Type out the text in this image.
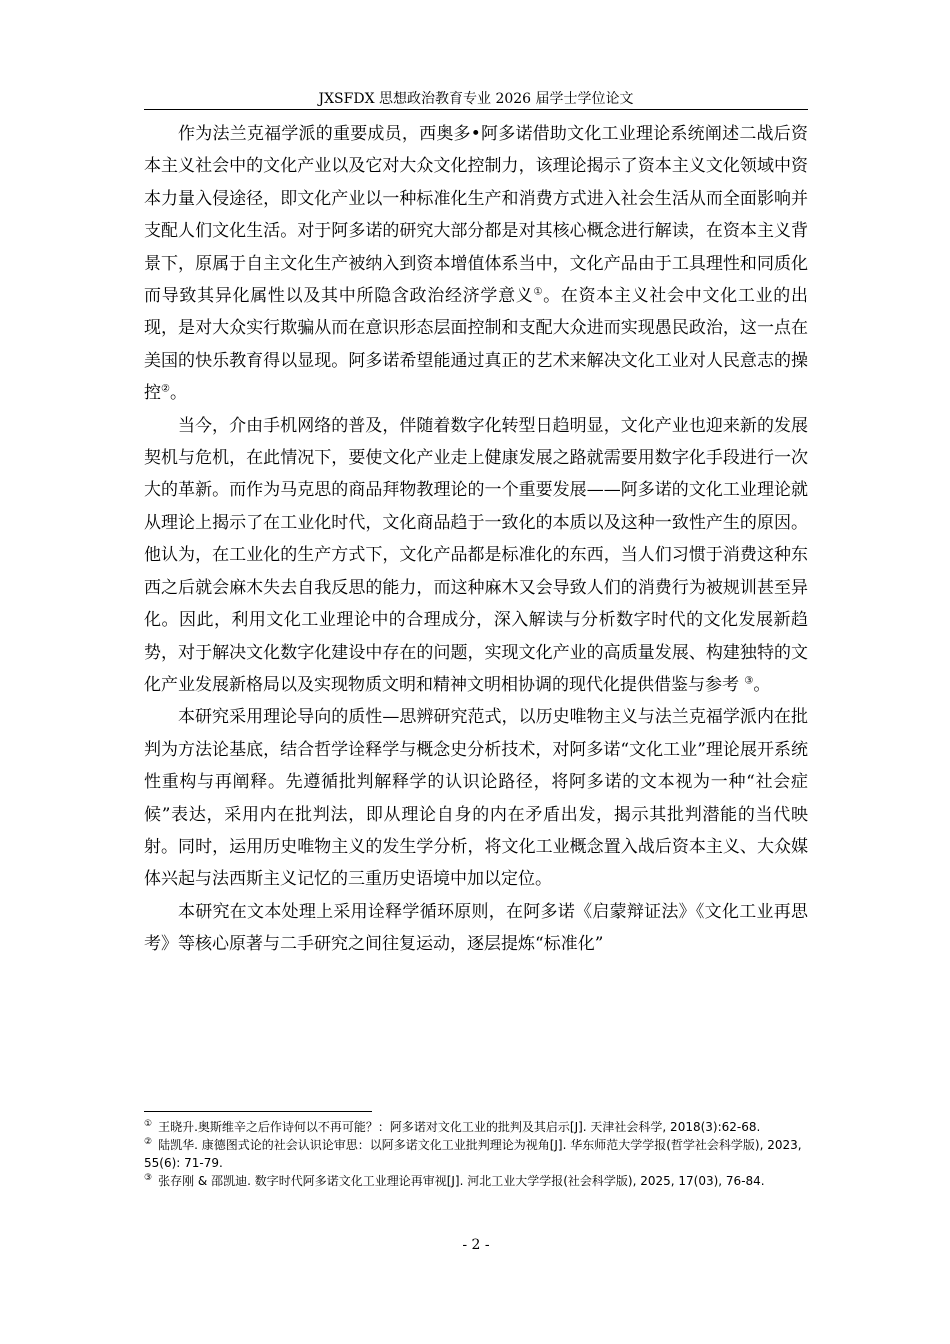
JXSFDX 思想政治教育专业 2026 届学士学位论文

作为法兰克福学派的重要成员，西奥多•阿多诺借助文化工业理论系统阐述二战后资本主义社会中的文化产业以及它对大众文化控制力，该理论揭示了资本主义文化领域中资本力量入侵途径，即文化产业以一种标准化生产和消费方式进入社会生活从而全面影响并支配人们文化生活。对于阿多诺的研究大部分都是对其核心概念进行解读，在资本主义背景下，原属于自主文化生产被纳入到资本增值体系当中，文化产品由于工具理性和同质化而导致其异化属性以及其中所隐含政治经济学意义①。在资本主义社会中文化工业的出现，是对大众实行欺骗从而在意识形态层面控制和支配大众进而实现愚民政治，这一点在美国的快乐教育得以显现。阿多诺希望能通过真正的艺术来解决文化工业对人民意志的操控②。

当今，介由手机网络的普及，伴随着数字化转型日趋明显，文化产业也迎来新的发展契机与危机，在此情况下，要使文化产业走上健康发展之路就需要用数字化手段进行一次大的革新。而作为马克思的商品拜物教理论的一个重要发展——阿多诺的文化工业理论就从理论上揭示了在工业化时代，文化商品趋于一致化的本质以及这种一致性产生的原因。他认为，在工业化的生产方式下，文化产品都是标准化的东西，当人们习惯于消费这种东西之后就会麻木失去自我反思的能力，而这种麻木又会导致人们的消费行为被规训甚至异化。因此，利用文化工业理论中的合理成分，深入解读与分析数字时代的文化发展新趋势，对于解决文化数字化建设中存在的问题，实现文化产业的高质量发展、构建独特的文化产业发展新格局以及实现物质文明和精神文明相协调的现代化提供借鉴与参考 ③。

本研究采用理论导向的质性—思辨研究范式，以历史唯物主义与法兰克福学派内在批判为方法论基底，结合哲学诠释学与概念史分析技术，对阿多诺“文化工业”理论展开系统性重构与再阐释。先遵循批判解释学的认识论路径，将阿多诺的文本视为一种“社会症候”表达，采用内在批判法，即从理论自身的内在矛盾出发，揭示其批判潜能的当代映射。同时，运用历史唯物主义的发生学分析，将文化工业概念置入战后资本主义、大众媒体兴起与法西斯主义记忆的三重历史语境中加以定位。

本研究在文本处理上采用诠释学循环原则，在阿多诺《启蒙辩证法》《文化工业再思考》等核心原著与二手研究之间往复运动，逐层提炼“标准化”

① 王晓升.奥斯维辛之后作诗何以不再可能？：阿多诺对文化工业的批判及其启示[J]. 天津社会科学, 2018(3):62-68.

② 陆凯华. 康德图式论的社会认识论审思：以阿多诺文化工业批判理论为视角[J]. 华东师范大学学报(哲学社会科学版), 2023, 55(6): 71-79.

③ 张存刚 & 邵凯迪. 数字时代阿多诺文化工业理论再审视[J]. 河北工业大学学报(社会科学版), 2025, 17(03), 76-84.

- 2 -
